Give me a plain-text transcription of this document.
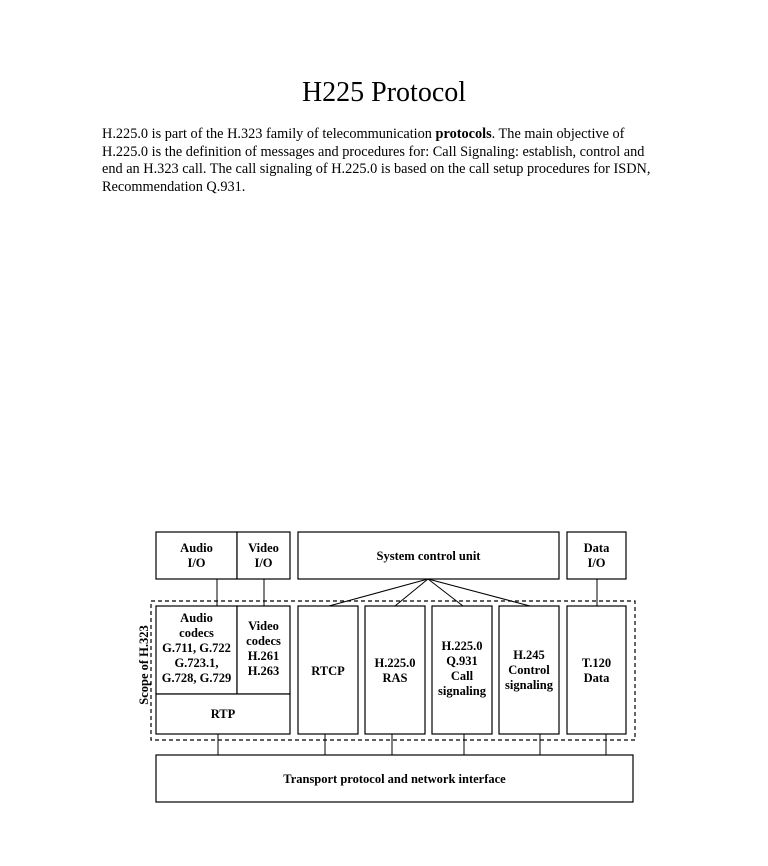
H225 Protocol
H.225.0 is part of the H.323 family of telecommunication protocols. The main objective of H.225.0 is the definition of messages and procedures for: Call Signaling: establish, control and end an H.323 call. The call signaling of H.225.0 is based on the call setup procedures for ISDN, Recommendation Q.931.
Audio I/O
Video I/O	System control unit
Data I/O
Audio codecs G.711, G.722 G.723.1, G.728, G.729
Video codecs H.261 H.263
RTP
RTCP
H.225.0 RAS
H.225.0 Q.931 Call signaling
H.245 Control signaling
T.120 Data
Scope of H.323
Transport protocol and network interface
